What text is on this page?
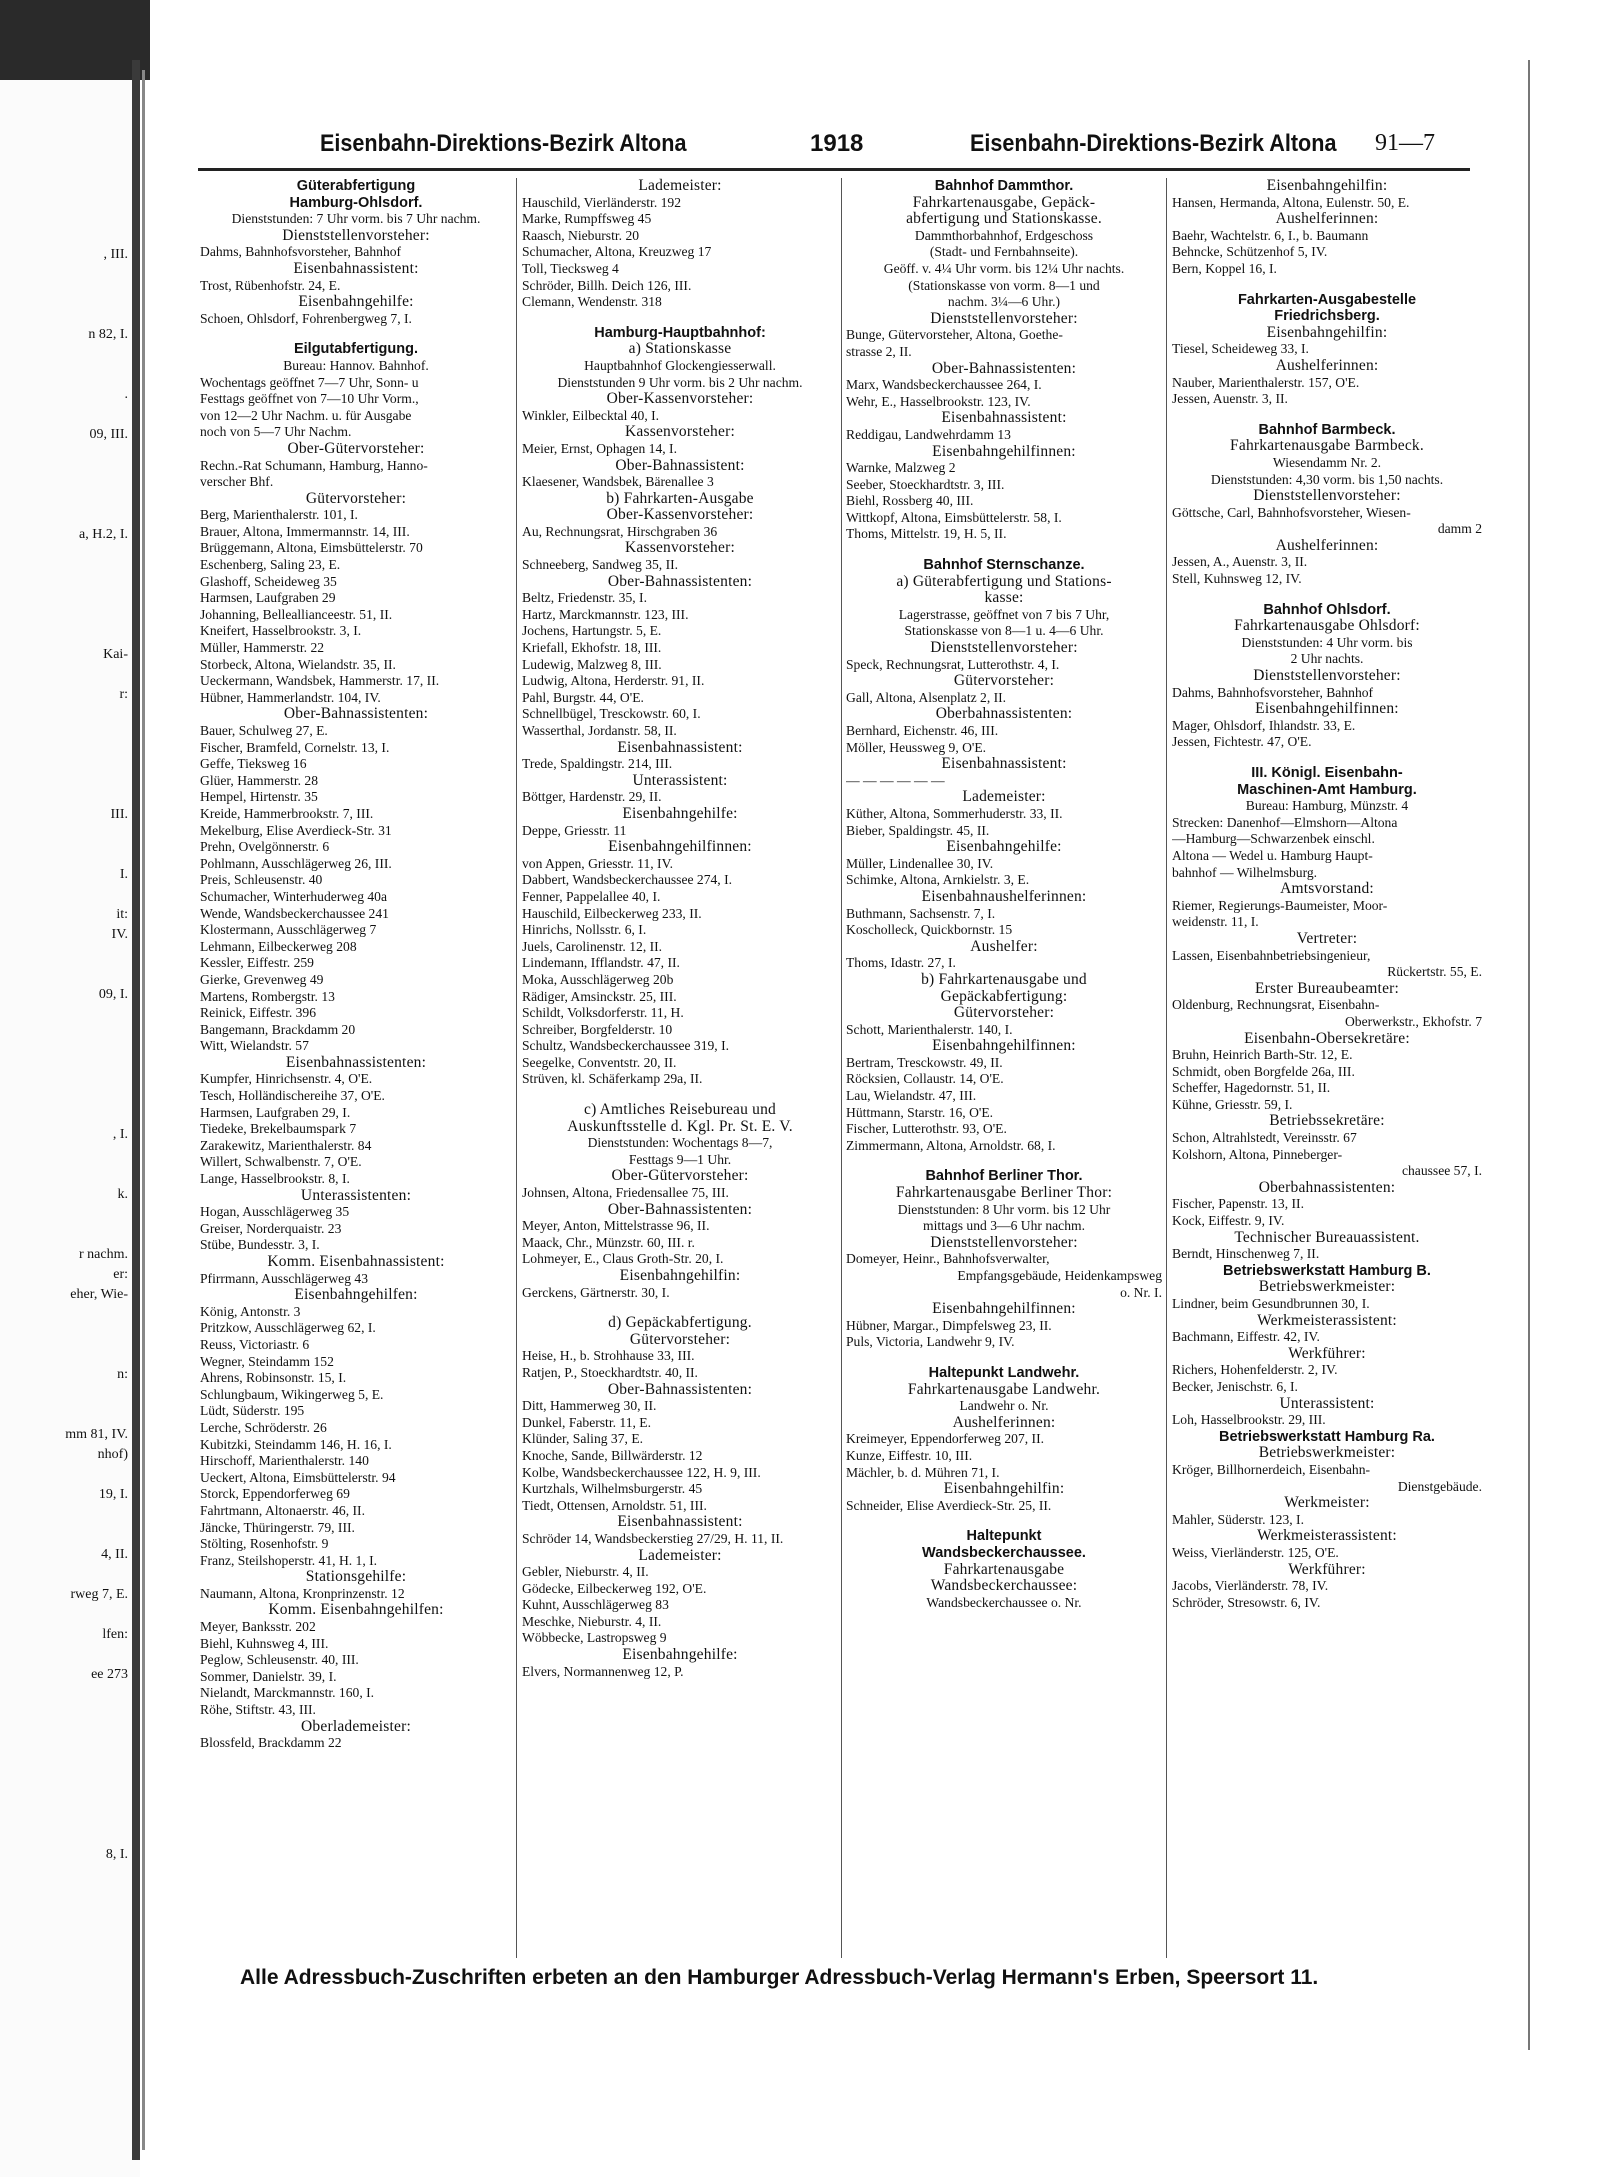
, III.
n 82, I.
.
09, III.
a, H.2, I.
Kai-
r:
III.
I.
it:
IV.
09, I.
, I.
k.
r nachm.
er:
eher, Wie-
n:
mm 81, IV.
nhof)
19, I.
4, II.
rweg 7, E.
lfen:
ee 273
8, I.
Eisenbahn-Direktions-Bezirk Altona	1918	Eisenbahn-Direktions-Bezirk Altona 91—7
Güterabfertigung
Hamburg-Ohlsdorf.
Dienststunden: 7 Uhr vorm. bis 7 Uhr nachm.
Dienststellenvorsteher:
Dahms, Bahnhofsvorsteher, Bahnhof
Eisenbahnassistent:
Trost, Rübenhofstr. 24, E.
Eisenbahngehilfe:
Schoen, Ohlsdorf, Fohrenbergweg 7, I.
Eilgutabfertigung.
Bureau: Hannov. Bahnhof.
Wochentags geöffnet 7—7 Uhr, Sonn- u
Festtags geöffnet von 7—10 Uhr Vorm.,
von 12—2 Uhr Nachm. u. für Ausgabe
noch von 5—7 Uhr Nachm.
Ober-Gütervorsteher:
Rechn.-Rat Schumann, Hamburg, Hanno-
verscher Bhf.
Gütervorsteher:
Berg, Marienthalerstr. 101, I.
Brauer, Altona, Immermannstr. 14, III.
Brüggemann, Altona, Eimsbüttelerstr. 70
Eschenberg, Saling 23, E.
Glashoff, Scheideweg 35
Harmsen, Laufgraben 29
Johanning, Belleallianceestr. 51, II.
Kneifert, Hasselbrookstr. 3, I.
Müller, Hammerstr. 22
Storbeck, Altona, Wielandstr. 35, II.
Ueckermann, Wandsbek, Hammerstr. 17, II.
Hübner, Hammerlandstr. 104, IV.
Ober-Bahnassistenten:
Bauer, Schulweg 27, E.
Fischer, Bramfeld, Cornelstr. 13, I.
Geffe, Tieksweg 16
Glüer, Hammerstr. 28
Hempel, Hirtenstr. 35
Kreide, Hammerbrookstr. 7, III.
Mekelburg, Elise Averdieck-Str. 31
Prehn, Ovelgönnerstr. 6
Pohlmann, Ausschlägerweg 26, III.
Preis, Schleusenstr. 40
Schumacher, Winterhuderweg 40a
Wende, Wandsbeckerchaussee 241
Klostermann, Ausschlägerweg 7
Lehmann, Eilbeckerweg 208
Kessler, Eiffestr. 259
Gierke, Grevenweg 49
Martens, Rombergstr. 13
Reinick, Eiffestr. 396
Bangemann, Brackdamm 20
Witt, Wielandstr. 57
Eisenbahnassistenten:
Kumpfer, Hinrichsenstr. 4, O'E.
Tesch, Holländischereihe 37, O'E.
Harmsen, Laufgraben 29, I.
Tiedeke, Brekelbaumspark 7
Zarakewitz, Marienthalerstr. 84
Willert, Schwalbenstr. 7, O'E.
Lange, Hasselbrookstr. 8, I.
Unterassistenten:
Hogan, Ausschlägerweg 35
Greiser, Norderquaistr. 23
Stübe, Bundesstr. 3, I.
Komm. Eisenbahnassistent:
Pfirrmann, Ausschlägerweg 43
Eisenbahngehilfen:
König, Antonstr. 3
Pritzkow, Ausschlägerweg 62, I.
Reuss, Victoriastr. 6
Wegner, Steindamm 152
Ahrens, Robinsonstr. 15, I.
Schlungbaum, Wikingerweg 5, E.
Lüdt, Süderstr. 195
Lerche, Schröderstr. 26
Kubitzki, Steindamm 146, H. 16, I.
Hirschoff, Marienthalerstr. 140
Ueckert, Altona, Eimsbüttelerstr. 94
Storck, Eppendorferweg 69
Fahrtmann, Altonaerstr. 46, II.
Jäncke, Thüringerstr. 79, III.
Stölting, Rosenhofstr. 9
Franz, Steilshoperstr. 41, H. 1, I.
Stationsgehilfe:
Naumann, Altona, Kronprinzenstr. 12
Komm. Eisenbahngehilfen:
Meyer, Banksstr. 202
Biehl, Kuhnsweg 4, III.
Peglow, Schleusenstr. 40, III.
Sommer, Danielstr. 39, I.
Nielandt, Marckmannstr. 160, I.
Röhe, Stiftstr. 43, III.
Oberlademeister:
Blossfeld, Brackdamm 22
Lademeister:
Hauschild, Vierländerstr. 192
Marke, Rumpffsweg 45
Raasch, Nieburstr. 20
Schumacher, Altona, Kreuzweg 17
Toll, Tiecksweg 4
Schröder, Billh. Deich 126, III.
Clemann, Wendenstr. 318
Hamburg-Hauptbahnhof:
a) Stationskasse
Hauptbahnhof Glockengiesserwall.
Dienststunden 9 Uhr vorm. bis 2 Uhr nachm.
Ober-Kassenvorsteher:
Winkler, Eilbecktal 40, I.
Kassenvorsteher:
Meier, Ernst, Ophagen 14, I.
Ober-Bahnassistent:
Klaesener, Wandsbek, Bärenallee 3
b) Fahrkarten-Ausgabe
Ober-Kassenvorsteher:
Au, Rechnungsrat, Hirschgraben 36
Kassenvorsteher:
Schneeberg, Sandweg 35, II.
Ober-Bahnassistenten:
Beltz, Friedenstr. 35, I.
Hartz, Marckmannstr. 123, III.
Jochens, Hartungstr. 5, E.
Kriefall, Ekhofstr. 18, III.
Ludewig, Malzweg 8, III.
Ludwig, Altona, Herderstr. 91, II.
Pahl, Burgstr. 44, O'E.
Schnellbügel, Tresckowstr. 60, I.
Wasserthal, Jordanstr. 58, II.
Eisenbahnassistent:
Trede, Spaldingstr. 214, III.
Unterassistent:
Böttger, Hardenstr. 29, II.
Eisenbahngehilfe:
Deppe, Griesstr. 11
Eisenbahngehilfinnen:
von Appen, Griesstr. 11, IV.
Dabbert, Wandsbeckerchaussee 274, I.
Fenner, Pappelallee 40, I.
Hauschild, Eilbeckerweg 233, II.
Hinrichs, Nollsstr. 6, I.
Juels, Carolinenstr. 12, II.
Lindemann, Ifflandstr. 47, II.
Moka, Ausschlägerweg 20b
Rädiger, Amsinckstr. 25, III.
Schildt, Volksdorferstr. 11, H.
Schreiber, Borgfelderstr. 10
Schultz, Wandsbeckerchaussee 319, I.
Seegelke, Conventstr. 20, II.
Strüven, kl. Schäferkamp 29a, II.
c) Amtliches Reisebureau und
Auskunftsstelle d. Kgl. Pr. St. E. V.
Dienststunden: Wochentags 8—7,
Festtags 9—1 Uhr.
Ober-Gütervorsteher:
Johnsen, Altona, Friedensallee 75, III.
Ober-Bahnassistenten:
Meyer, Anton, Mittelstrasse 96, II.
Maack, Chr., Münzstr. 60, III. r.
Lohmeyer, E., Claus Groth-Str. 20, I.
Eisenbahngehilfin:
Gerckens, Gärtnerstr. 30, I.
d) Gepäckabfertigung.
Gütervorsteher:
Heise, H., b. Strohhause 33, III.
Ratjen, P., Stoeckhardtstr. 40, II.
Ober-Bahnassistenten:
Ditt, Hammerweg 30, II.
Dunkel, Faberstr. 11, E.
Klünder, Saling 37, E.
Knoche, Sande, Billwärderstr. 12
Kolbe, Wandsbeckerchaussee 122, H. 9, III.
Kurtzhals, Wilhelmsburgerstr. 45
Tiedt, Ottensen, Arnoldstr. 51, III.
Eisenbahnassistent:
Schröder 14, Wandsbeckerstieg 27/29, H. 11, II.
Lademeister:
Gebler, Nieburstr. 4, II.
Gödecke, Eilbeckerweg 192, O'E.
Kuhnt, Ausschlägerweg 83
Meschke, Nieburstr. 4, II.
Wöbbecke, Lastropsweg 9
Eisenbahngehilfe:
Elvers, Normannenweg 12, P.
Bahnhof Dammthor.
Fahrkartenausgabe, Gepäck-
abfertigung und Stationskasse.
Dammthorbahnhof, Erdgeschoss
(Stadt- und Fernbahnseite).
Geöff. v. 4¼ Uhr vorm. bis 12¼ Uhr nachts.
(Stationskasse von vorm. 8—1 und
nachm. 3¼—6 Uhr.)
Dienststellenvorsteher:
Bunge, Gütervorsteher, Altona, Goethe-
strasse 2, II.
Ober-Bahnassistenten:
Marx, Wandsbeckerchaussee 264, I.
Wehr, E., Hasselbrookstr. 123, IV.
Eisenbahnassistent:
Reddigau, Landwehrdamm 13
Eisenbahngehilfinnen:
Warnke, Malzweg 2
Seeber, Stoeckhardtstr. 3, III.
Biehl, Rossberg 40, III.
Wittkopf, Altona, Eimsbüttelerstr. 58, I.
Thoms, Mittelstr. 19, H. 5, II.
Bahnhof Sternschanze.
a) Güterabfertigung und Stations-
kasse:
Lagerstrasse, geöffnet von 7 bis 7 Uhr,
Stationskasse von 8—1 u. 4—6 Uhr.
Dienststellenvorsteher:
Speck, Rechnungsrat, Lutterothstr. 4, I.
Gütervorsteher:
Gall, Altona, Alsenplatz 2, II.
Oberbahnassistenten:
Bernhard, Eichenstr. 46, III.
Möller, Heussweg 9, O'E.
Eisenbahnassistent:
— — — — — —
Lademeister:
Küther, Altona, Sommerhuderstr. 33, II.
Bieber, Spaldingstr. 45, II.
Eisenbahngehilfe:
Müller, Lindenallee 30, IV.
Schimke, Altona, Arnkielstr. 3, E.
Eisenbahnaushelferinnen:
Buthmann, Sachsenstr. 7, I.
Koscholleck, Quickbornstr. 15
Aushelfer:
Thoms, Idastr. 27, I.
b) Fahrkartenausgabe und
Gepäckabfertigung:
Gütervorsteher:
Schott, Marienthalerstr. 140, I.
Eisenbahngehilfinnen:
Bertram, Tresckowstr. 49, II.
Röcksien, Collaustr. 14, O'E.
Lau, Wielandstr. 47, III.
Hüttmann, Starstr. 16, O'E.
Fischer, Lutterothstr. 93, O'E.
Zimmermann, Altona, Arnoldstr. 68, I.
Bahnhof Berliner Thor.
Fahrkartenausgabe Berliner Thor:
Dienststunden: 8 Uhr vorm. bis 12 Uhr
mittags und 3—6 Uhr nachm.
Dienststellenvorsteher:
Domeyer, Heinr., Bahnhofsverwalter,
Empfangsgebäude, Heidenkampsweg
o. Nr. I.
Eisenbahngehilfinnen:
Hübner, Margar., Dimpfelsweg 23, II.
Puls, Victoria, Landwehr 9, IV.
Haltepunkt Landwehr.
Fahrkartenausgabe Landwehr.
Landwehr o. Nr.
Aushelferinnen:
Kreimeyer, Eppendorferweg 207, II.
Kunze, Eiffestr. 10, III.
Mächler, b. d. Mühren 71, I.
Eisenbahngehilfin:
Schneider, Elise Averdieck-Str. 25, II.
Haltepunkt
Wandsbeckerchaussee.
Fahrkartenausgabe
Wandsbeckerchaussee:
Wandsbeckerchaussee o. Nr.
Eisenbahngehilfin:
Hansen, Hermanda, Altona, Eulenstr. 50, E.
Aushelferinnen:
Baehr, Wachtelstr. 6, I., b. Baumann
Behncke, Schützenhof 5, IV.
Bern, Koppel 16, I.
Fahrkarten-Ausgabestelle
Friedrichsberg.
Eisenbahngehilfin:
Tiesel, Scheideweg 33, I.
Aushelferinnen:
Nauber, Marienthalerstr. 157, O'E.
Jessen, Auenstr. 3, II.
Bahnhof Barmbeck.
Fahrkartenausgabe Barmbeck.
Wiesendamm Nr. 2.
Dienststunden: 4,30 vorm. bis 1,50 nachts.
Dienststellenvorsteher:
Göttsche, Carl, Bahnhofsvorsteher, Wiesen-
damm 2
Aushelferinnen:
Jessen, A., Auenstr. 3, II.
Stell, Kuhnsweg 12, IV.
Bahnhof Ohlsdorf.
Fahrkartenausgabe Ohlsdorf:
Dienststunden: 4 Uhr vorm. bis
2 Uhr nachts.
Dienststellenvorsteher:
Dahms, Bahnhofsvorsteher, Bahnhof
Eisenbahngehilfinnen:
Mager, Ohlsdorf, Ihlandstr. 33, E.
Jessen, Fichtestr. 47, O'E.
III. Königl. Eisenbahn-
Maschinen-Amt Hamburg.
Bureau: Hamburg, Münzstr. 4
Strecken: Danenhof—Elmshorn—Altona
—Hamburg—Schwarzenbek einschl.
Altona — Wedel u. Hamburg Haupt-
bahnhof — Wilhelmsburg.
Amtsvorstand:
Riemer, Regierungs-Baumeister, Moor-
weidenstr. 11, I.
Vertreter:
Lassen, Eisenbahnbetriebsingenieur,
Rückertstr. 55, E.
Erster Bureaubeamter:
Oldenburg, Rechnungsrat, Eisenbahn-
Oberwerkstr., Ekhofstr. 7
Eisenbahn-Obersekretäre:
Bruhn, Heinrich Barth-Str. 12, E.
Schmidt, oben Borgfelde 26a, III.
Scheffer, Hagedornstr. 51, II.
Kühne, Griesstr. 59, I.
Betriebssekretäre:
Schon, Altrahlstedt, Vereinsstr. 67
Kolshorn, Altona, Pinneberger-
chaussee 57, I.
Oberbahnassistenten:
Fischer, Papenstr. 13, II.
Kock, Eiffestr. 9, IV.
Technischer Bureauassistent.
Berndt, Hinschenweg 7, II.
Betriebswerkstatt Hamburg B.
Betriebswerkmeister:
Lindner, beim Gesundbrunnen 30, I.
Werkmeisterassistent:
Bachmann, Eiffestr. 42, IV.
Werkführer:
Richers, Hohenfelderstr. 2, IV.
Becker, Jenischstr. 6, I.
Unterassistent:
Loh, Hasselbrookstr. 29, III.
Betriebswerkstatt Hamburg Ra.
Betriebswerkmeister:
Kröger, Billhornerdeich, Eisenbahn-
Dienstgebäude.
Werkmeister:
Mahler, Süderstr. 123, I.
Werkmeisterassistent:
Weiss, Vierländerstr. 125, O'E.
Werkführer:
Jacobs, Vierländerstr. 78, IV.
Schröder, Stresowstr. 6, IV.
Alle Adressbuch-Zuschriften erbeten an den Hamburger Adressbuch-Verlag Hermann's Erben, Speersort 11.
